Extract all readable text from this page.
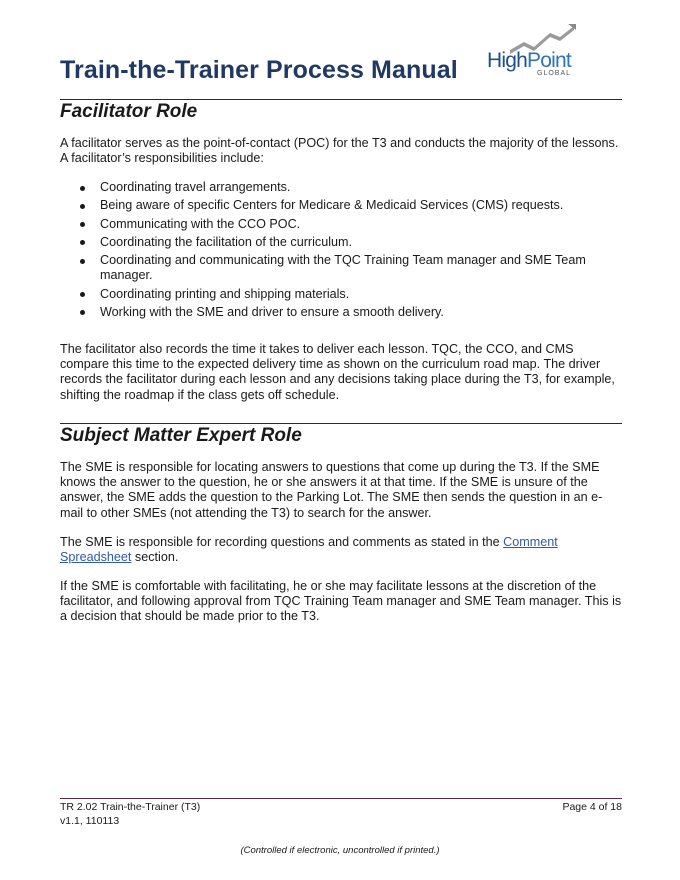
Train-the-Trainer Process Manual HighPoint
GLOBAL
Facilitator Role

A facilitator serves as the point-of-contact (POC) for the T3 and conducts the majority of the lessons. A facilitator’s responsibilities include:

Coordinating travel arrangements.
Being aware of specific Centers for Medicare & Medicaid Services (CMS) requests.
Communicating with the CCO POC.
Coordinating the facilitation of the curriculum.
Coordinating and communicating with the TQC Training Team manager and SME Team manager.
Coordinating printing and shipping materials.
Working with the SME and driver to ensure a smooth delivery.

The facilitator also records the time it takes to deliver each lesson. TQC, the CCO, and CMS compare this time to the expected delivery time as shown on the curriculum road map. The driver records the facilitator during each lesson and any decisions taking place during the T3, for example, shifting the roadmap if the class gets off schedule.

Subject Matter Expert Role

The SME is responsible for locating answers to questions that come up during the T3. If the SME knows the answer to the question, he or she answers it at that time. If the SME is unsure of the answer, the SME adds the question to the Parking Lot. The SME then sends the question in an e-mail to other SMEs (not attending the T3) to search for the answer.

The SME is responsible for recording questions and comments as stated in the Comment Spreadsheet section.

If the SME is comfortable with facilitating, he or she may facilitate lessons at the discretion of the facilitator, and following approval from TQC Training Team manager and SME Team manager. This is a decision that should be made prior to the T3.

TR 2.02 Train-the-Trainer (T3)
v1.1, 110113
Page 4 of 18
(Controlled if electronic, uncontrolled if printed.)
